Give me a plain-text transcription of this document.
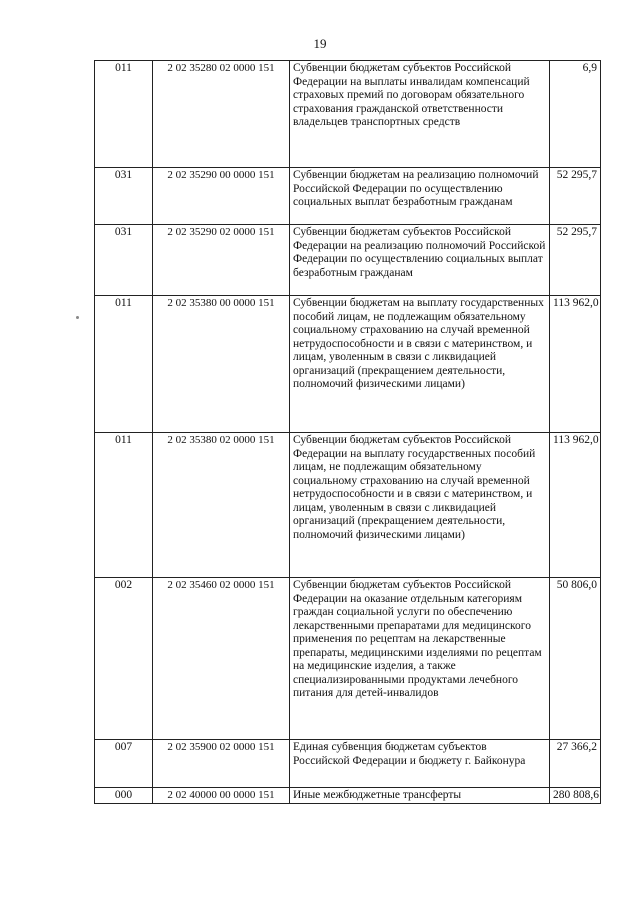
19
011	2 02 35280 02 0000 151	Субвенции бюджетам субъектов Российской Федерации на выплаты инвалидам компенсаций страховых премий по договорам обязательного страхования гражданской ответственности владельцев транспортных средств	6,9
031	2 02 35290 00 0000 151	Субвенции бюджетам на реализацию полномочий Российской Федерации по осуществлению социальных выплат безработным гражданам	52 295,7
031	2 02 35290 02 0000 151	Субвенции бюджетам субъектов Российской Федерации на реализацию полномочий Российской Федерации по осуществлению социальных выплат безработным гражданам	52 295,7
011	2 02 35380 00 0000 151	Субвенции бюджетам на выплату государственных пособий лицам, не подлежащим обязательному социальному страхованию на случай временной нетрудоспособности и в связи с материнством, и лицам, уволенным в связи с ликвидацией организаций (прекращением деятельности, полномочий физическими лицами)	113 962,0
011	2 02 35380 02 0000 151	Субвенции бюджетам субъектов Российской Федерации на выплату государственных пособий лицам, не подлежащим обязательному социальному страхованию на случай временной нетрудоспособности и в связи с материнством, и лицам, уволенным в связи с ликвидацией организаций (прекращением деятельности, полномочий физическими лицами)	113 962,0
002	2 02 35460 02 0000 151	Субвенции бюджетам субъектов Российской Федерации на оказание отдельным категориям граждан социальной услуги по обеспечению лекарственными препаратами для медицинского применения по рецептам на лекарственные препараты, медицинскими изделиями по рецептам на медицинские изделия, а также специализированными продуктами лечебного питания для детей-инвалидов	50 806,0
007	2 02 35900 02 0000 151	Единая субвенция бюджетам субъектов Российской Федерации и бюджету г. Байконура	27 366,2
000	2 02 40000 00 0000 151	Иные межбюджетные трансферты	280 808,6
